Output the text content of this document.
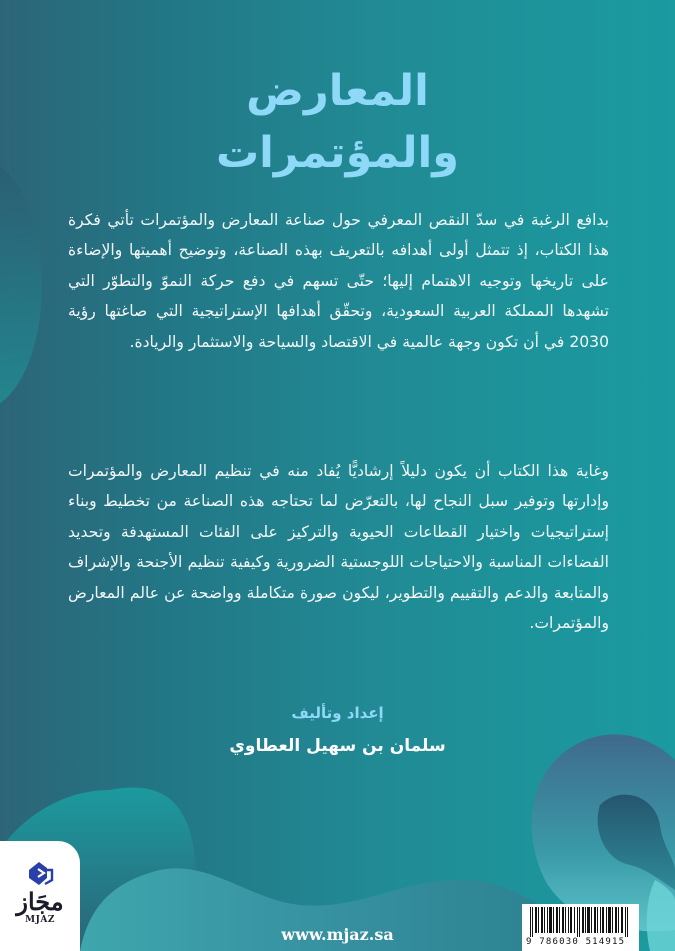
المعارض
والمؤتمرات

بدافع الرغبة في سدّ النقص المعرفي حول صناعة المعارض والمؤتمرات تأتي فكرة هذا الكتاب، إذ تتمثل أولى أهدافه بالتعريف بهذه الصناعة، وتوضيح أهميتها والإضاءة على تاريخها وتوجيه الاهتمام إليها؛ حتّى تسهم في دفع حركة النموّ والتطوّر التي تشهدها المملكة العربية السعودية، وتحقّق أهدافها الإستراتيجية التي صاغتها رؤية 2030 في أن تكون وجهة عالمية في الاقتصاد والسياحة والاستثمار والريادة.

وغاية هذا الكتاب أن يكون دليلاً إرشاديًّا يُفاد منه في تنظيم المعارض والمؤتمرات وإدارتها وتوفير سبل النجاح لها، بالتعرّض لما تحتاجه هذه الصناعة من تخطيط وبناء إستراتيجيات واختيار القطاعات الحيوية والتركيز على الفئات المستهدفة وتحديد الفضاءات المناسبة والاحتياجات اللوجستية الضرورية وكيفية تنظيم الأجنحة والإشراف والمتابعة والدعم والتقييم والتطوير، ليكون صورة متكاملة وواضحة عن عالم المعارض والمؤتمرات.

إعداد وتأليف
سلمان بن سهيل العطاوي
مجَاز
MJAZ
www.mjaz.sa	9 786030 514915
